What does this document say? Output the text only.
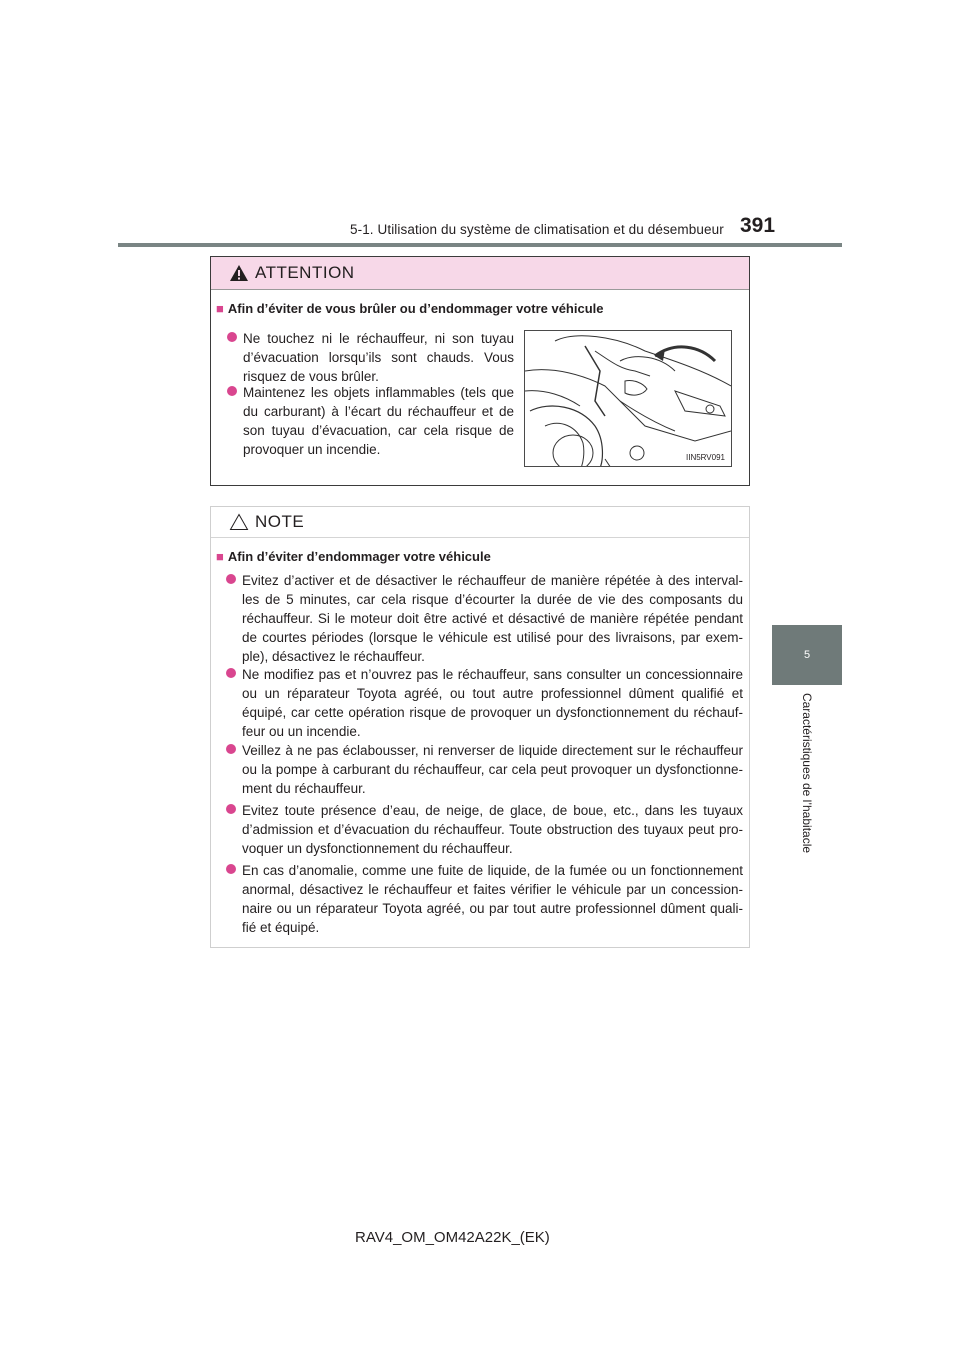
5-1. Utilisation du système de climatisation et du désembueur 391
5
Caractéristiques de l’habitacle
ATTENTION
■ Afin d’éviter de vous brûler ou d’endommager votre véhicule
Ne touchez ni le réchauffeur, ni son tuyau d’évacuation lorsqu’ils sont chauds. Vous risquez de vous brûler.
Maintenez les objets inflammables (tels que du carburant) à l’écart du réchauffeur et de son tuyau d’évacuation, car cela risque de provoquer un incendie.
IIN5RV091
NOTE
■ Afin d’éviter d’endommager votre véhicule
Evitez d’activer et de désactiver le réchauffeur de manière répétée à des interval-les de 5 minutes, car cela risque d’écourter la durée de vie des composants du réchauffeur. Si le moteur doit être activé et désactivé de manière répétée pendant de courtes périodes (lorsque le véhicule est utilisé pour des livraisons, par exem-ple), désactivez le réchauffeur.
Ne modifiez pas et n’ouvrez pas le réchauffeur, sans consulter un concessionnaire ou un réparateur Toyota agréé, ou tout autre professionnel dûment qualifié et équipé, car cette opération risque de provoquer un dysfonctionnement du réchauf-feur ou un incendie.
Veillez à ne pas éclabousser, ni renverser de liquide directement sur le réchauffeur ou la pompe à carburant du réchauffeur, car cela peut provoquer un dysfonctionne-ment du réchauffeur.
Evitez toute présence d’eau, de neige, de glace, de boue, etc., dans les tuyaux d’admission et d’évacuation du réchauffeur. Toute obstruction des tuyaux peut pro-voquer un dysfonctionnement du réchauffeur.
En cas d’anomalie, comme une fuite de liquide, de la fumée ou un fonctionnement anormal, désactivez le réchauffeur et faites vérifier le véhicule par un concession-naire ou un réparateur Toyota agréé, ou par tout autre professionnel dûment quali-fié et équipé.
RAV4_OM_OM42A22K_(EK)
